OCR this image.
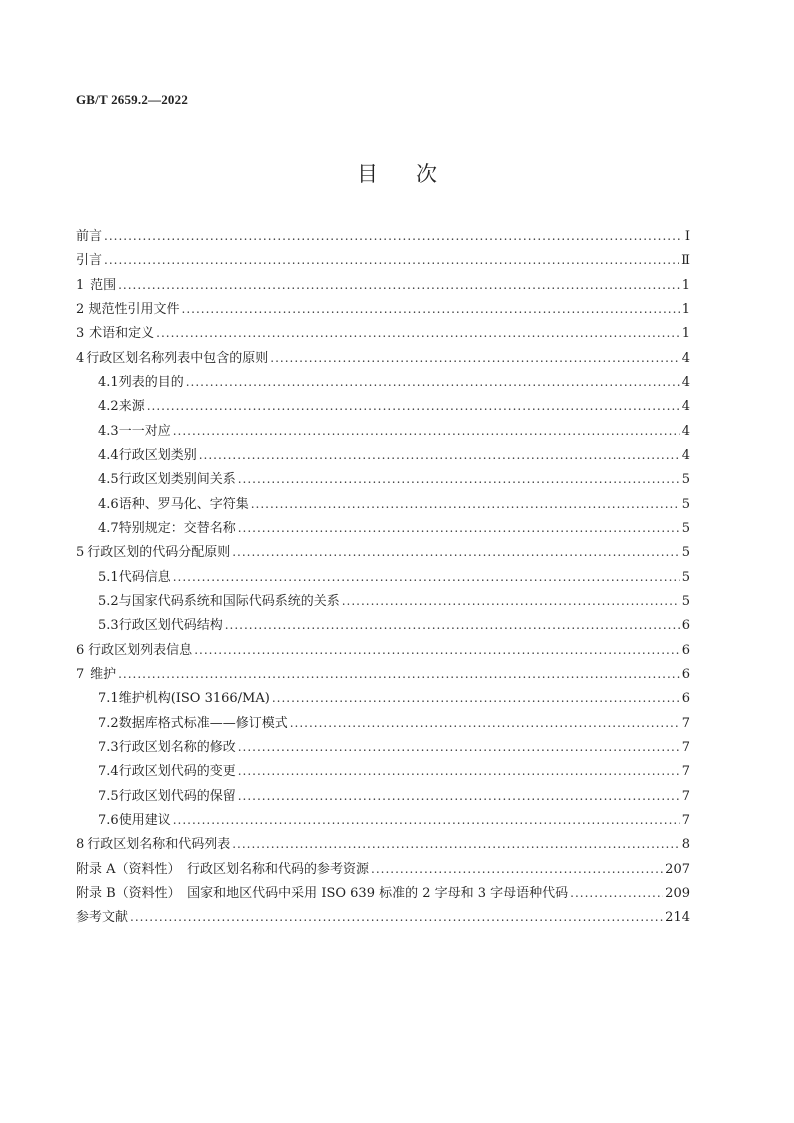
GB/T 2659.2—2022
目次
前言 .....	Ⅰ
引言 .....	Ⅱ
1 范围 .....	1
2 规范性引用文件 .....	1
3 术语和定义 .....	1
4 行政区划名称列表中包含的原则 .....	4
4.1 列表的目的 .....	4
4.2 来源 .....	4
4.3 一一对应 .....	4
4.4 行政区划类别 .....	4
4.5 行政区划类别间关系 .....	5
4.6 语种、罗马化、字符集 .....	5
4.7 特别规定：交替名称 .....	5
5 行政区划的代码分配原则 .....	5
5.1 代码信息 .....	5
5.2 与国家代码系统和国际代码系统的关系 .....	5
5.3 行政区划代码结构 .....	6
6 行政区划列表信息 .....	6
7 维护 .....	6
7.1 维护机构(ISO 3166/MA) .....	6
7.2 数据库格式标准——修订模式 .....	7
7.3 行政区划名称的修改 .....	7
7.4 行政区划代码的变更 .....	7
7.5 行政区划代码的保留 .....	7
7.6 使用建议 .....	7
8 行政区划名称和代码列表 .....	8
附录 A（资料性）　行政区划名称和代码的参考资源 .....	207
附录 B（资料性）　国家和地区代码中采用 ISO 639 标准的 2 字母和 3 字母语种代码 .....	209
参考文献 .....	214
